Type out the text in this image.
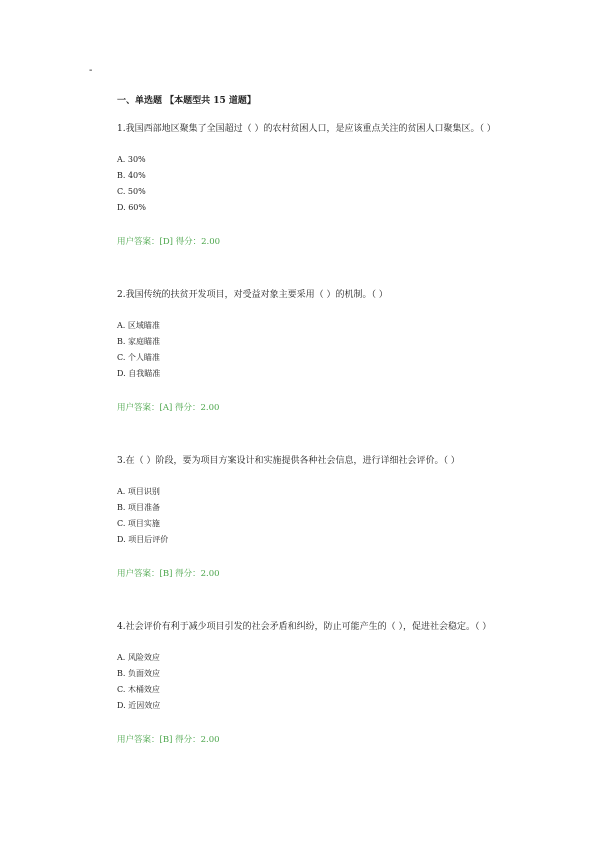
-
一、单选题 【本题型共 15 道题】
1.我国西部地区聚集了全国超过（ ）的农村贫困人口，是应该重点关注的贫困人口聚集区。（ ）
A. 30%
B. 40%
C. 50%
D. 60%
用户答案：[D] 得分：2.00
2.我国传统的扶贫开发项目，对受益对象主要采用（ ）的机制。（ ）
A. 区域瞄准
B. 家庭瞄准
C. 个人瞄准
D. 自我瞄准
用户答案：[A] 得分：2.00
3.在（ ）阶段，要为项目方案设计和实施提供各种社会信息，进行详细社会评价。（ ）
A. 项目识别
B. 项目准备
C. 项目实施
D. 项目后评价
用户答案：[B] 得分：2.00
4.社会评价有利于减少项目引发的社会矛盾和纠纷，防止可能产生的（ ），促进社会稳定。（ ）
A. 风险效应
B. 负面效应
C. 木桶效应
D. 近因效应
用户答案：[B] 得分：2.00
